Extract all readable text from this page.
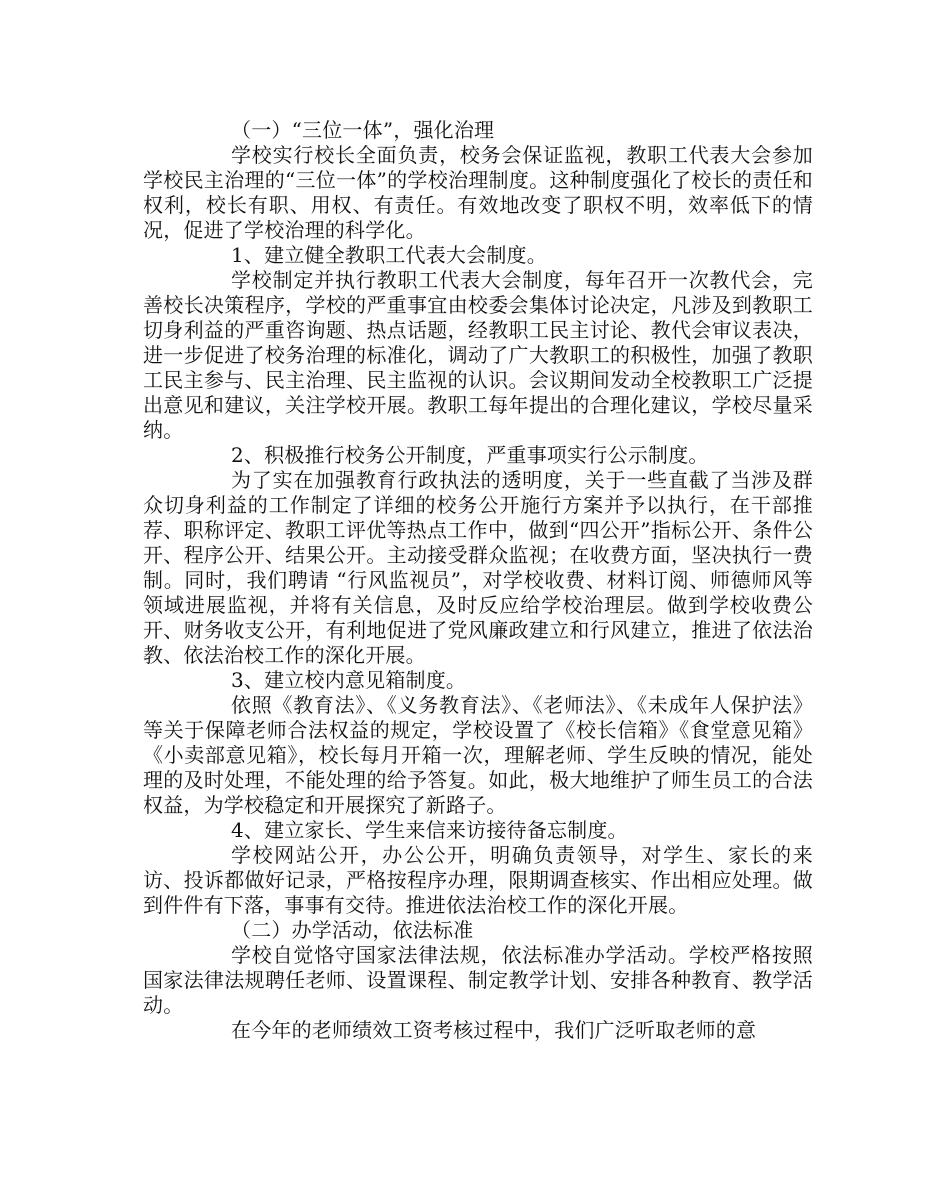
（一）“三位一体”，强化治理

学校实行校长全面负责，校务会保证监视，教职工代表大会参加学校民主治理的“三位一体”的学校治理制度。这种制度强化了校长的责任和权利，校长有职、用权、有责任。有效地改变了职权不明，效率低下的情况，促进了学校治理的科学化。

1、建立健全教职工代表大会制度。

学校制定并执行教职工代表大会制度，每年召开一次教代会，完善校长决策程序，学校的严重事宜由校委会集体讨论决定，凡涉及到教职工切身利益的严重咨询题、热点话题，经教职工民主讨论、教代会审议表决，进一步促进了校务治理的标准化，调动了广大教职工的积极性，加强了教职工民主参与、民主治理、民主监视的认识。会议期间发动全校教职工广泛提出意见和建议，关注学校开展。教职工每年提出的合理化建议，学校尽量采纳。

2、积极推行校务公开制度，严重事项实行公示制度。

为了实在加强教育行政执法的透明度，关于一些直截了当涉及群众切身利益的工作制定了详细的校务公开施行方案并予以执行，在干部推荐、职称评定、教职工评优等热点工作中，做到“四公开”指标公开、条件公开、程序公开、结果公开。主动接受群众监视；在收费方面，坚决执行一费制。同时，我们聘请 “行风监视员”，对学校收费、材料订阅、师德师风等领域进展监视，并将有关信息，及时反应给学校治理层。做到学校收费公开、财务收支公开，有利地促进了党风廉政建立和行风建立，推进了依法治教、依法治校工作的深化开展。

3、建立校内意见箱制度。

依照《教育法》、《义务教育法》、《老师法》、《未成年人保护法》等关于保障老师合法权益的规定，学校设置了《校长信箱》《食堂意见箱》《小卖部意见箱》，校长每月开箱一次，理解老师、学生反映的情况，能处理的及时处理，不能处理的给予答复。如此，极大地维护了师生员工的合法权益，为学校稳定和开展探究了新路子。

4、建立家长、学生来信来访接待备忘制度。

学校网站公开，办公公开，明确负责领导，对学生、家长的来访、投诉都做好记录，严格按程序办理，限期调查核实、作出相应处理。做到件件有下落，事事有交待。推进依法治校工作的深化开展。

（二）办学活动，依法标准

学校自觉恪守国家法律法规，依法标准办学活动。学校严格按照国家法律法规聘任老师、设置课程、制定教学计划、安排各种教育、教学活动。

在今年的老师绩效工资考核过程中，我们广泛听取老师的意
